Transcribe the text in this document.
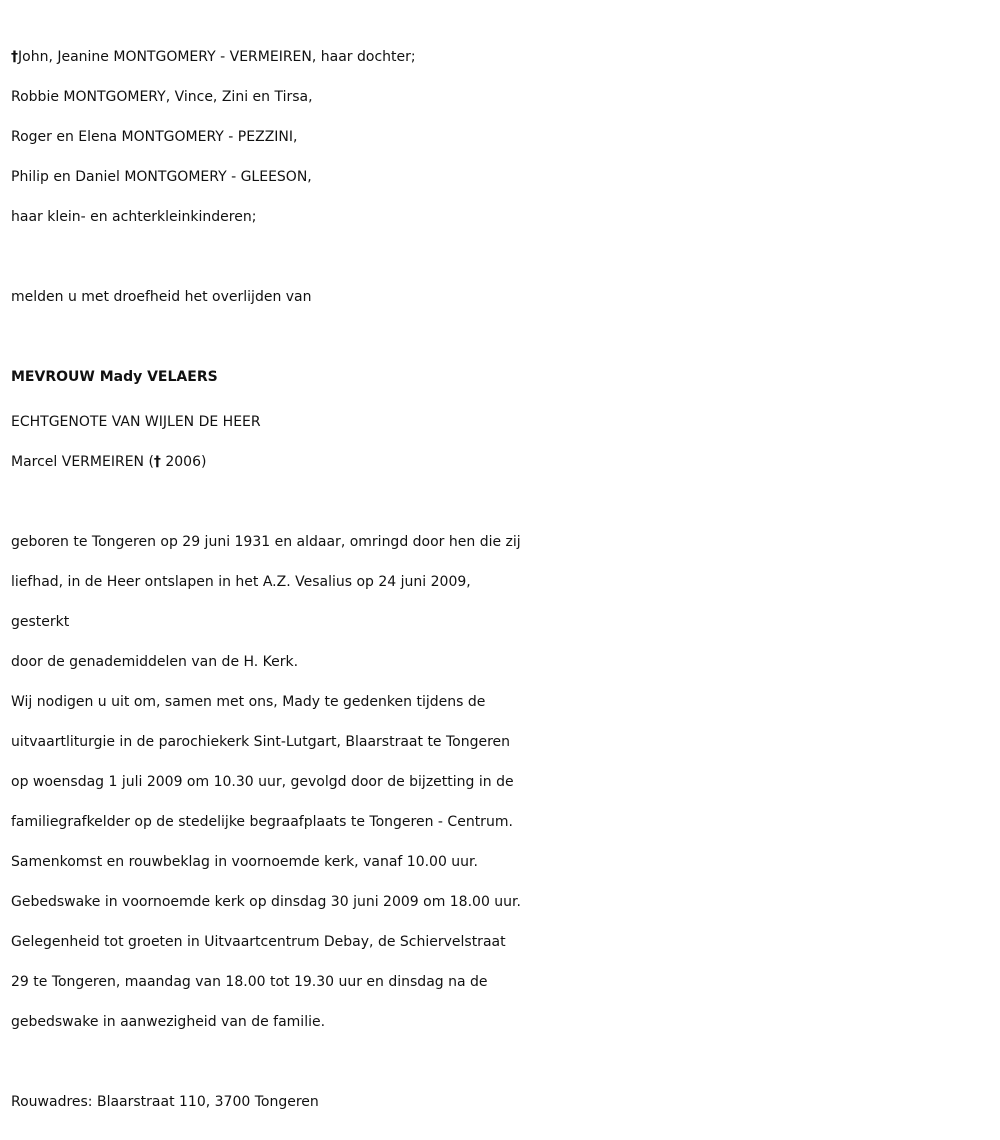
†John, Jeanine MONTGOMERY - VERMEIREN, haar dochter;
Robbie MONTGOMERY, Vince, Zini en Tirsa,
Roger en Elena MONTGOMERY - PEZZINI,
Philip en Daniel MONTGOMERY - GLEESON,
haar klein- en achterkleinkinderen;
melden u met droefheid het overlijden van
MEVROUW Mady VELAERS
ECHTGENOTE VAN WIJLEN DE HEER
Marcel VERMEIREN († 2006)
geboren te Tongeren op 29 juni 1931 en aldaar, omringd door hen die zij
liefhad, in de Heer ontslapen in het A.Z. Vesalius op 24 juni 2009,
gesterkt
door de genademiddelen van de H. Kerk.
Wij nodigen u uit om, samen met ons, Mady te gedenken tijdens de
uitvaartliturgie in de parochiekerk Sint-Lutgart, Blaarstraat te Tongeren
op woensdag 1 juli 2009 om 10.30 uur, gevolgd door de bijzetting in de
familiegrafkelder op de stedelijke begraafplaats te Tongeren - Centrum.
Samenkomst en rouwbeklag in voornoemde kerk, vanaf 10.00 uur.
Gebedswake in voornoemde kerk op dinsdag 30 juni 2009 om 18.00 uur.
Gelegenheid tot groeten in Uitvaartcentrum Debay, de Schiervelstraat
29 te Tongeren, maandag van 18.00 tot 19.30 uur en dinsdag na de
gebedswake in aanwezigheid van de familie.
Rouwadres: Blaarstraat 110, 3700 Tongeren
